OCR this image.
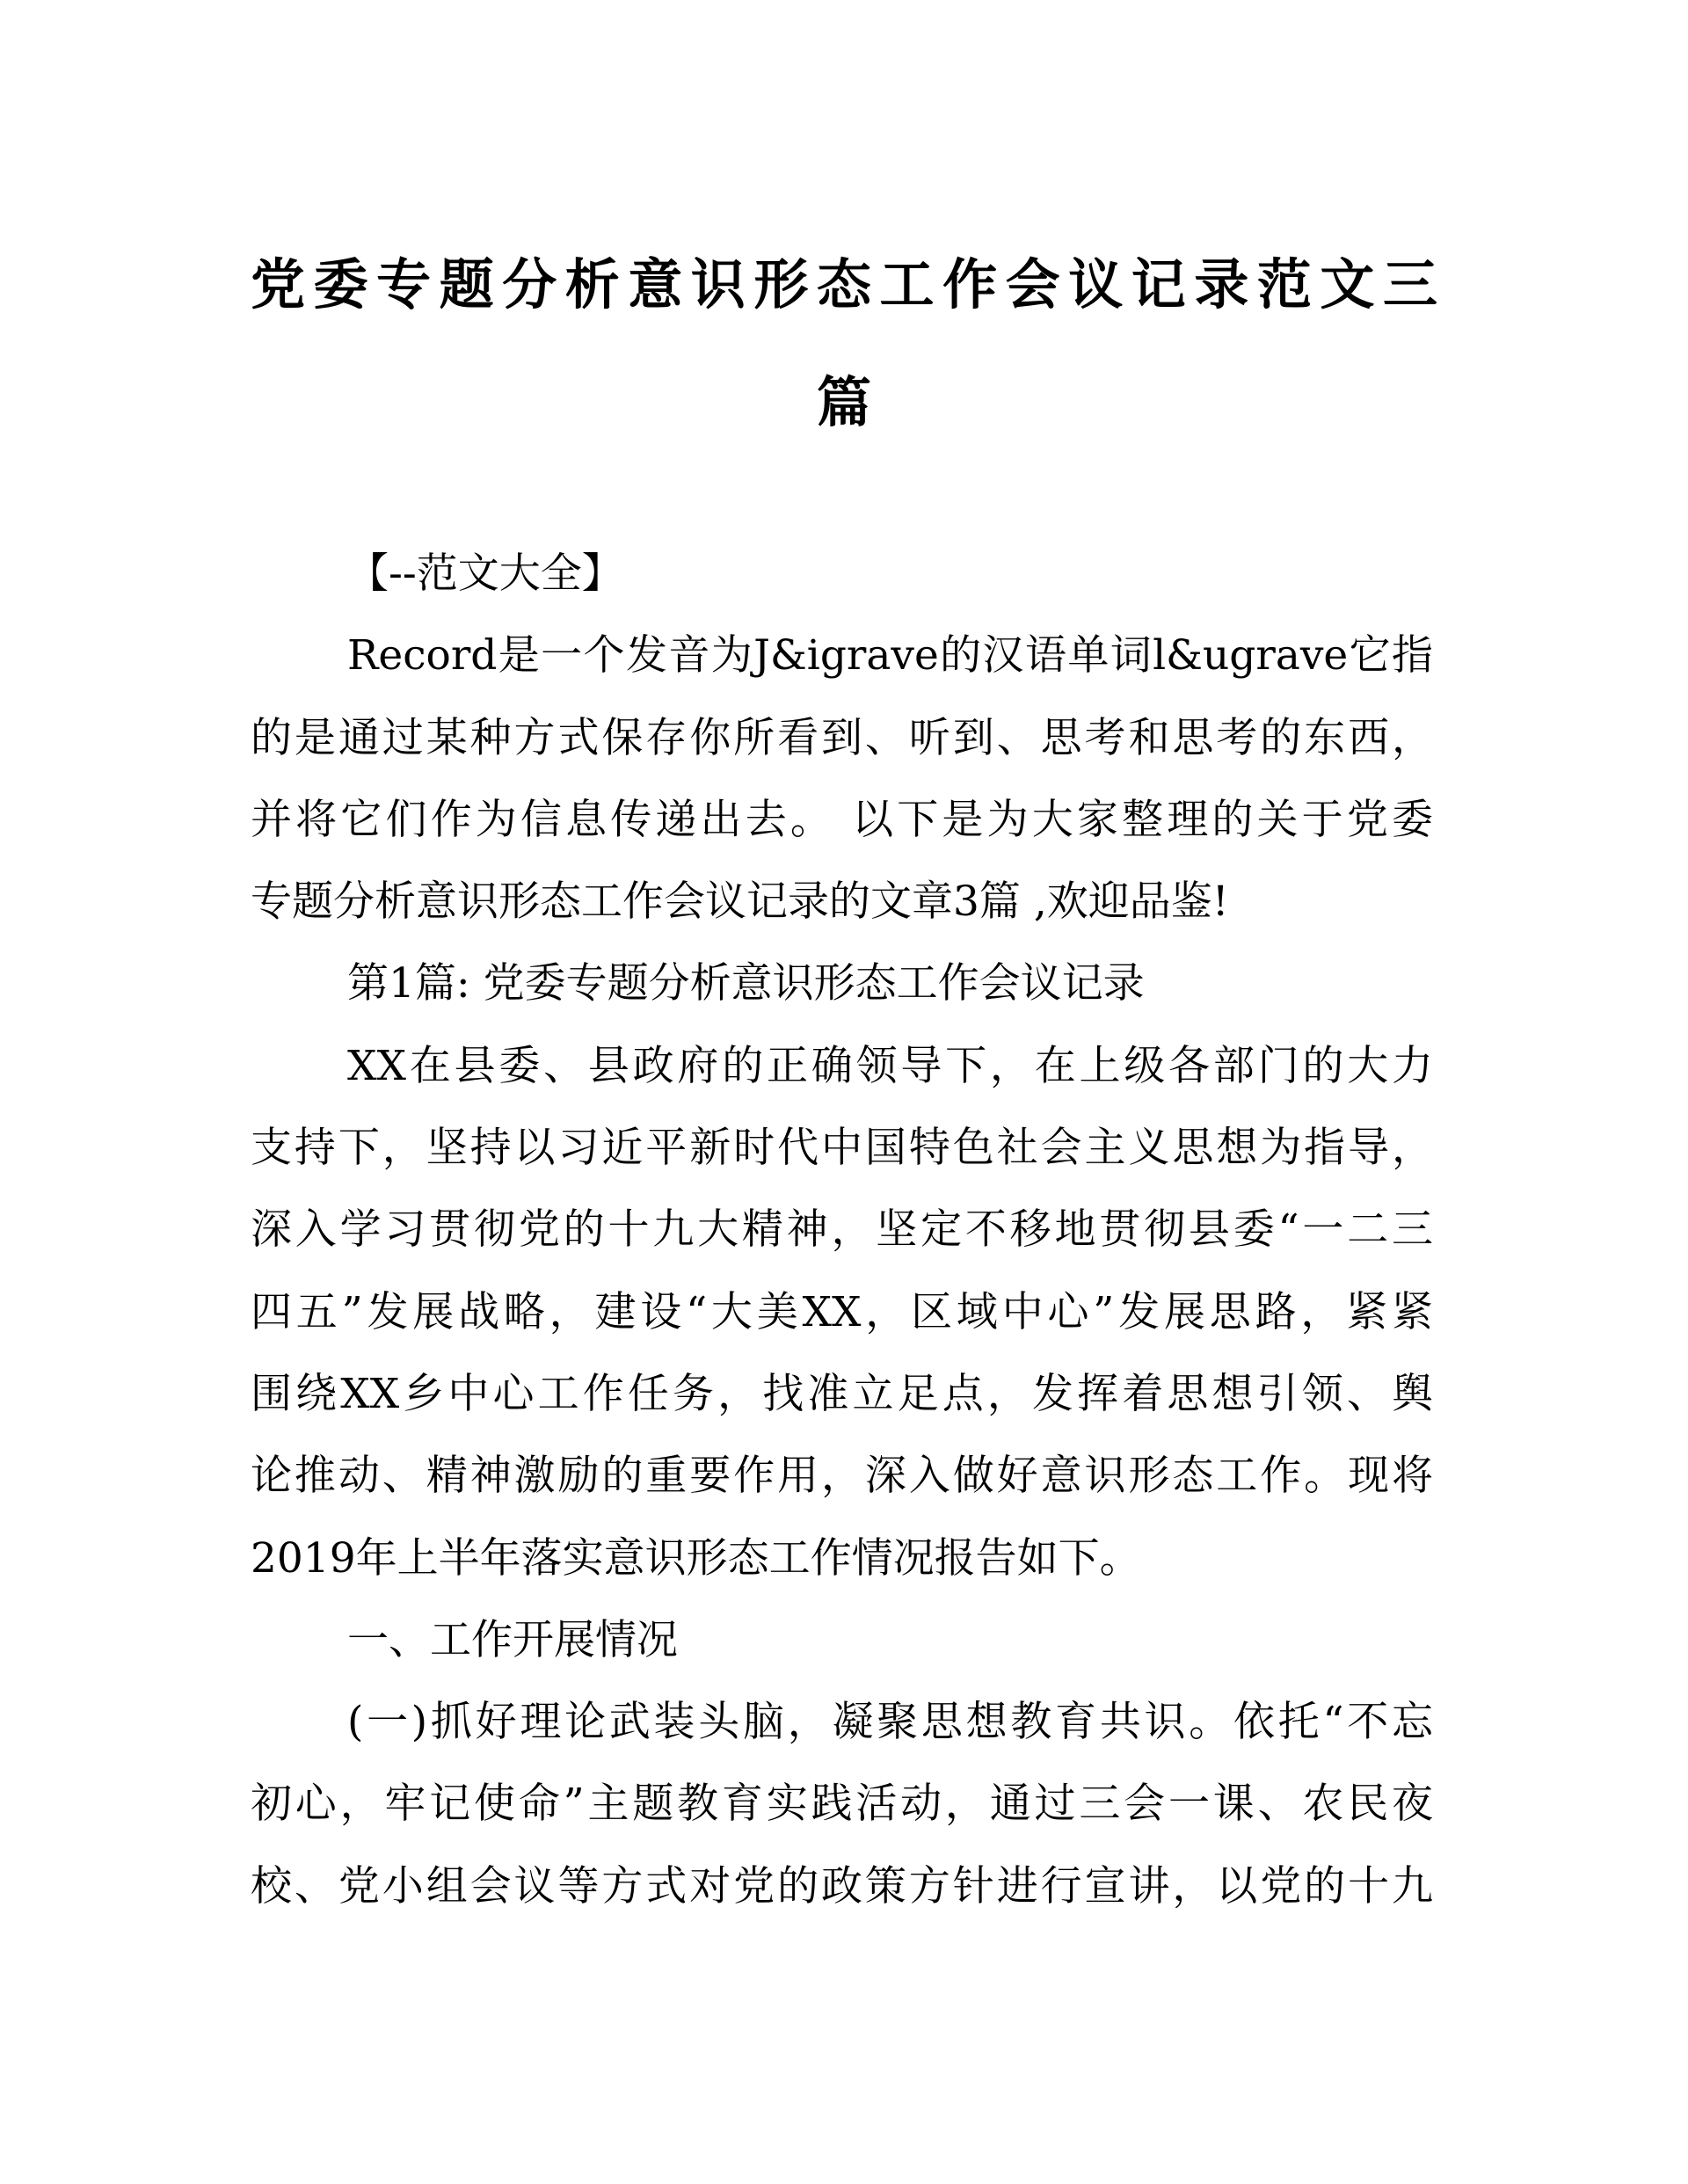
党委专题分析意识形态工作会议记录范文三
篇
【--范文大全】
Record是一个发音为J&igrave的汉语单词l&ugrave它指
的是通过某种方式保存你所看到、听到、思考和思考的东西，
并将它们作为信息传递出去。 以下是为大家整理的关于党委
专题分析意识形态工作会议记录的文章3篇 ,欢迎品鉴!
第1篇: 党委专题分析意识形态工作会议记录
XX在县委、县政府的正确领导下，在上级各部门的大力
支持下，坚持以习近平新时代中国特色社会主义思想为指导，
深入学习贯彻党的十九大精神，坚定不移地贯彻县委“一二三
四五”发展战略，建设“大美XX，区域中心”发展思路，紧紧
围绕XX乡中心工作任务，找准立足点，发挥着思想引领、舆
论推动、精神激励的重要作用，深入做好意识形态工作。现将
2019年上半年落实意识形态工作情况报告如下。
一、工作开展情况
(一)抓好理论武装头脑，凝聚思想教育共识。依托“不忘
初心，牢记使命”主题教育实践活动，通过三会一课、农民夜
校、党小组会议等方式对党的政策方针进行宣讲，以党的十九
